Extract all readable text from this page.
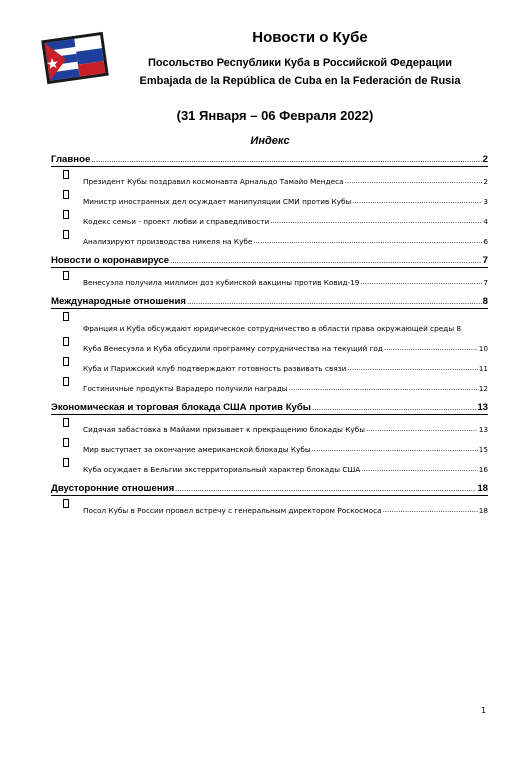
Новости о Кубе
Посольство Республики Куба в Российской Федерации
Embajada de la República de Cuba en la Federación de Rusia
(31 Января – 06 Февраля 2022)
Индекс
Главное .....	2
Президент Кубы поздравил космонавта Арнальдо Тамайо Мендеса .....	2
Министр иностранных дел осуждает манипуляции СМИ против Кубы .....	3
Кодекс семьи - проект любви и справедливости .....	4
Анализируют производства никеля на Кубе .....	6
Новости о коронавирусе .....	7
Венесуэла получила миллион доз кубинской вакцины против Ковид-19 .....	7
Международные отношения .....	8
Франция и Куба обсуждают юридическое сотрудничество в области права окружающей среды 8
Куба Венесуэла и Куба обсудили программу сотрудничества на текущий год .....	10
Куба и Парижский клуб подтверждают готовность развивать связи .....	11
Гостиничные продукты Варадеро получили награды .....	12
Экономическая и торговая блокада США против Кубы .....	13
Сидячая забастовка в Майами призывает к прекращению блокады Кубы .....	13
Мир выступает за окончание американской блокады Кубы .....	15
Куба осуждает в Бельгии экстерриториальный характер блокады США .....	16
Двусторонние отношения .....	18
Посол Кубы в России провел встречу с генеральным директором Роскосмоса .....	18
1
